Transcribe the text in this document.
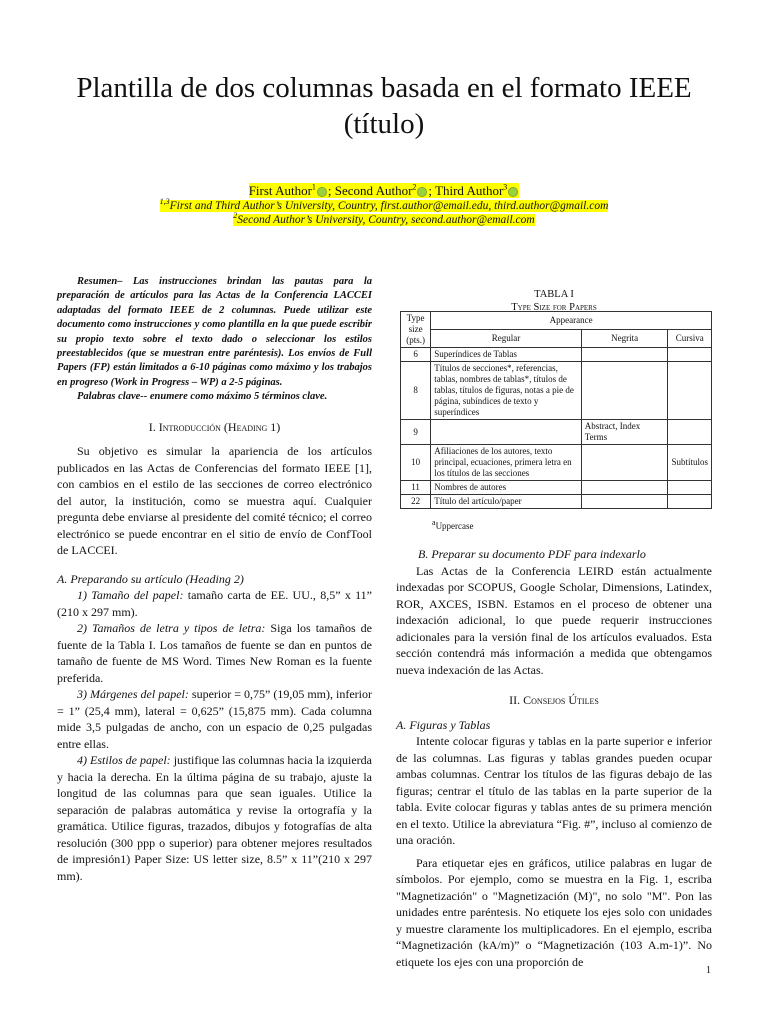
Plantilla de dos columnas basada en el formato IEEE (título)
First Author$^1$ ; Second Author$^2$ ; Third Author$^3$
$^{1,3}$First and Third Author’s University, Country, first.author@email.edu, third.author@gmail.com
$^2$Second Author’s University, Country, second.author@email.com

Resumen– Las instrucciones brindan las pautas para la preparación de artículos para las Actas de la Conferencia LACCEI adaptadas del formato IEEE de 2 columnas. Puede utilizar este documento como instrucciones y como plantilla en la que puede escribir su propio texto sobre el texto dado o seleccionar los estilos preestablecidos (que se muestran entre paréntesis). Los envíos de Full Papers (FP) están limitados a 6-10 páginas como máximo y los trabajos en progreso (Work in Progress – WP) a 2-5 páginas.

Palabras clave-- enumere como máximo 5 términos clave.

I. Introducción (Heading 1)

Su objetivo es simular la apariencia de los artículos publicados en las Actas de Conferencias del formato IEEE [1], con cambios en el estilo de las secciones de correo electrónico del autor, la institución, como se muestra aquí. Cualquier pregunta debe enviarse al presidente del comité técnico; el correo electrónico se puede encontrar en el sitio de envío de ConfTool de LACCEI.

A. Preparando su artículo (Heading 2)

1) Tamaño del papel: tamaño carta de EE. UU., 8,5” x 11” (210 x 297 mm).

2) Tamaños de letra y tipos de letra: Siga los tamaños de fuente de la Tabla I. Los tamaños de fuente se dan en puntos de tamaño de fuente de MS Word. Times New Roman es la fuente preferida.

3) Márgenes del papel: superior = 0,75” (19,05 mm), inferior = 1” (25,4 mm), lateral = 0,625” (15,875 mm). Cada columna mide 3,5 pulgadas de ancho, con un espacio de 0,25 pulgadas entre ellas.

4) Estilos de papel: justifique las columnas hacia la izquierda y hacia la derecha. En la última página de su trabajo, ajuste la longitud de las columnas para que sean iguales. Utilice la separación de palabras automática y revise la ortografía y la gramática. Utilice figuras, trazados, dibujos y fotografías de alta resolución (300 ppp o superior) para obtener mejores resultados de impresión1) Paper Size: US letter size, 8.5” x 11”(210 x 297 mm).

TABLA I
Type Size for Papers
Type size (pts.)	Appearance		
	Regular	Negrita	Cursiva
6	Superíndices de Tablas		
8	Títulos de secciones*, referencias, tablas, nombres de tablas*, títulos de tablas, títulos de figuras, notas a pie de página, subíndices de texto y superíndices		
9		Abstract, Index Terms	
10	Afiliaciones de los autores, texto principal, ecuaciones, primera letra en los títulos de las secciones		Subtítulos
11	Nombres de autores		
22	Título del artículo/paper		
$^a$Uppercase
B. Preparar su documento PDF para indexarlo

Las Actas de la Conferencia LEIRD están actualmente indexadas por SCOPUS, Google Scholar, Dimensions, Latindex, ROR, AXCES, ISBN. Estamos en el proceso de obtener una indexación adicional, lo que puede requerir instrucciones adicionales para la versión final de los artículos evaluados. Esta sección contendrá más información a medida que obtengamos nueva indexación de las Actas.

II. Consejos Útiles
A. Figuras y Tablas

Intente colocar figuras y tablas en la parte superior e inferior de las columnas. Las figuras y tablas grandes pueden ocupar ambas columnas. Centrar los títulos de las figuras debajo de las figuras; centrar el título de las tablas en la parte superior de la tabla. Evite colocar figuras y tablas antes de su primera mención en el texto. Utilice la abreviatura “Fig. #”, incluso al comienzo de una oración.

Para etiquetar ejes en gráficos, utilice palabras en lugar de símbolos. Por ejemplo, como se muestra en la Fig. 1, escriba "Magnetización" o "Magnetización (M)", no solo "M". Pon las unidades entre paréntesis. No etiquete los ejes solo con unidades y muestre claramente los multiplicadores. En el ejemplo, escriba “Magnetización (kA/m)” o “Magnetización (103 A.m-1)”. No etiquete los ejes con una proporción de

1
